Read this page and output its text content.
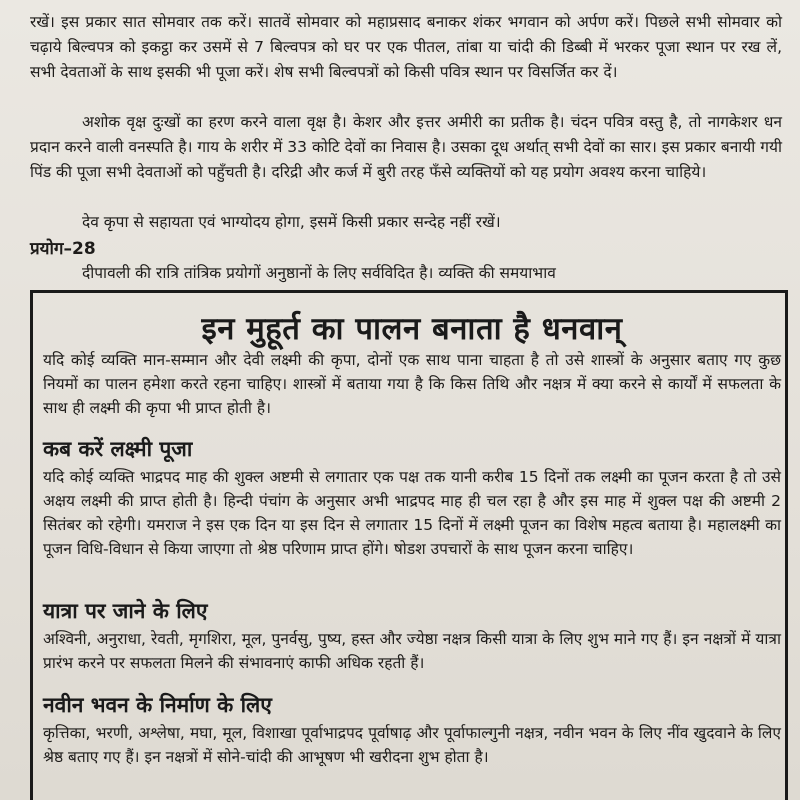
रखें। इस प्रकार सात सोमवार तक करें। सातवें सोमवार को महाप्रसाद बनाकर शंकर भगवान को अर्पण करें। पिछले सभी सोमवार को चढ़ाये बिल्वपत्र को इकट्ठा कर उसमें से 7 बिल्वपत्र को घर पर एक पीतल, तांबा या चांदी की डिब्बी में भरकर पूजा स्थान पर रख लें, सभी देवताओं के साथ इसकी भी पूजा करें। शेष सभी बिल्वपत्रों को किसी पवित्र स्थान पर विसर्जित कर दें।

अशोक वृक्ष दुःखों का हरण करने वाला वृक्ष है। केशर और इत्तर अमीरी का प्रतीक है। चंदन पवित्र वस्तु है, तो नागकेशर धन प्रदान करने वाली वनस्पति है। गाय के शरीर में 33 कोटि देवों का निवास है। उसका दूध अर्थात् सभी देवों का सार। इस प्रकार बनायी गयी पिंड की पूजा सभी देवताओं को पहुँचती है। दरिद्री और कर्ज में बुरी तरह फँसे व्यक्तियों को यह प्रयोग अवश्य करना चाहिये।

देव कृपा से सहायता एवं भाग्योदय होगा, इसमें किसी प्रकार सन्देह नहीं रखें।

प्रयोग–28

दीपावली की रात्रि तांत्रिक प्रयोगों अनुष्ठानों के लिए सर्वविदित है। व्यक्ति की समयाभाव

इन मुहूर्त का पालन बनाता है धनवान्

यदि कोई व्यक्ति मान-सम्मान और देवी लक्ष्मी की कृपा, दोनों एक साथ पाना चाहता है तो उसे शास्त्रों के अनुसार बताए गए कुछ नियमों का पालन हमेशा करते रहना चाहिए। शास्त्रों में बताया गया है कि किस तिथि और नक्षत्र में क्या करने से कार्यों में सफलता के साथ ही लक्ष्मी की कृपा भी प्राप्त होती है।

कब करें लक्ष्मी पूजा

यदि कोई व्यक्ति भाद्रपद माह की शुक्ल अष्टमी से लगातार एक पक्ष तक यानी करीब 15 दिनों तक लक्ष्मी का पूजन करता है तो उसे अक्षय लक्ष्मी की प्राप्त होती है। हिन्दी पंचांग के अनुसार अभी भाद्रपद माह ही चल रहा है और इस माह में शुक्ल पक्ष की अष्टमी 2 सितंबर को रहेगी। यमराज ने इस एक दिन या इस दिन से लगातार 15 दिनों में लक्ष्मी पूजन का विशेष महत्व बताया है। महालक्ष्मी का पूजन विधि-विधान से किया जाएगा तो श्रेष्ठ परिणाम प्राप्त होंगे। षोडश उपचारों के साथ पूजन करना चाहिए।

यात्रा पर जाने के लिए

अश्विनी, अनुराधा, रेवती, मृगशिरा, मूल, पुनर्वसु, पुष्य, हस्त और ज्येष्ठा नक्षत्र किसी यात्रा के लिए शुभ माने गए हैं। इन नक्षत्रों में यात्रा प्रारंभ करने पर सफलता मिलने की संभावनाएं काफी अधिक रहती हैं।

नवीन भवन के निर्माण के लिए

कृत्तिका, भरणी, अश्लेषा, मघा, मूल, विशाखा पूर्वाभाद्रपद पूर्वाषाढ़ और पूर्वाफाल्गुनी नक्षत्र, नवीन भवन के लिए नींव खुदवाने के लिए श्रेष्ठ बताए गए हैं। इन नक्षत्रों में सोने-चांदी की आभूषण भी खरीदना शुभ होता है।
